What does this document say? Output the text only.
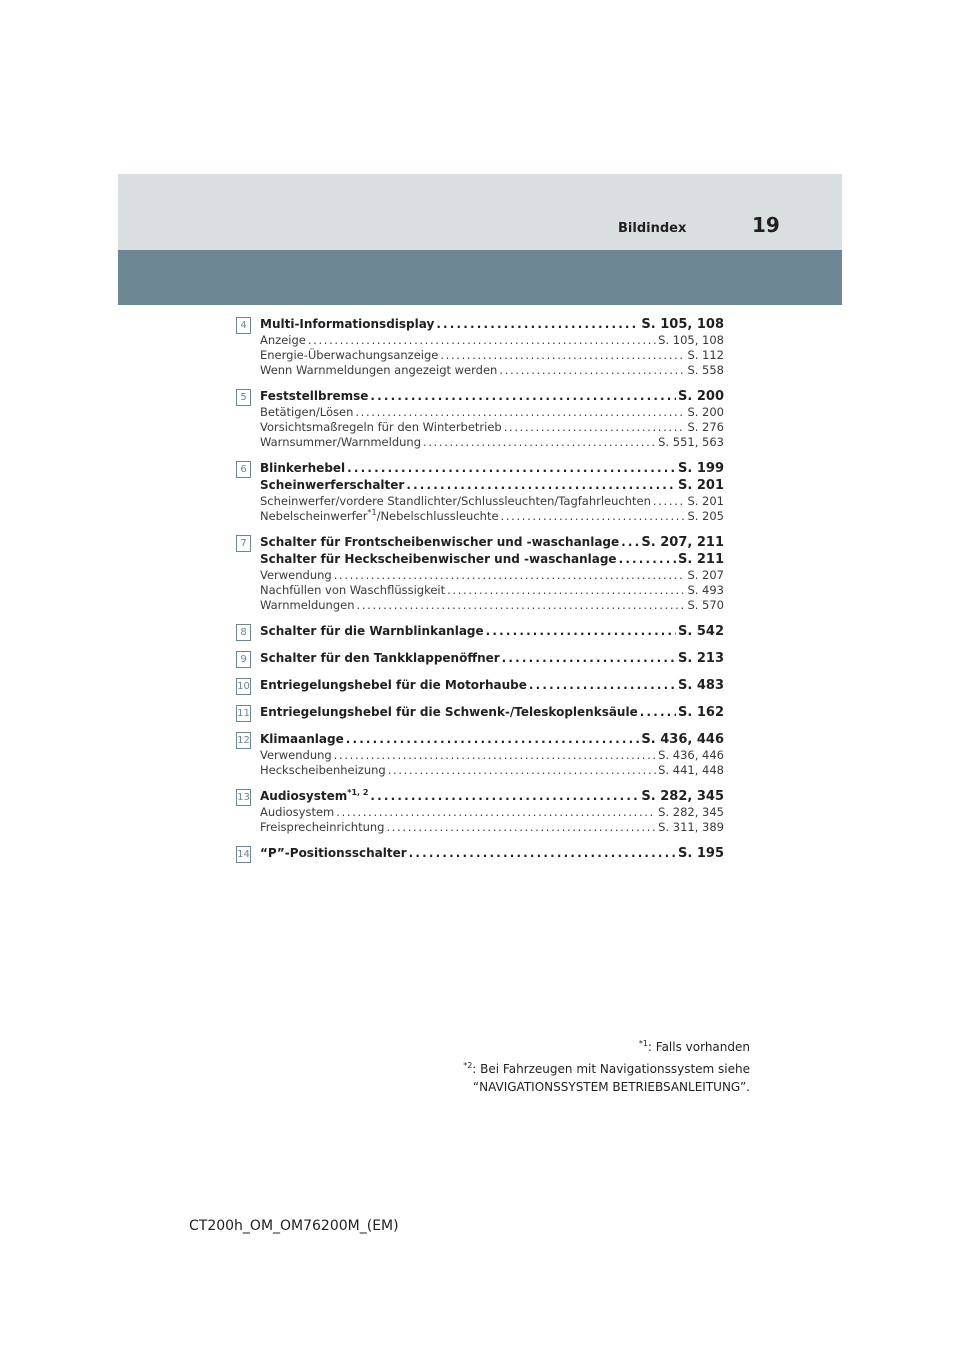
Bildindex	19
4	Multi-Informationsdisplay . . .	S. 105, 108
Anzeige . . .	S. 105, 108
Energie-Überwachungsanzeige . . .	S. 112
Wenn Warnmeldungen angezeigt werden . . .	S. 558
5	Feststellbremse . . .	S. 200
Betätigen/Lösen . . .	S. 200
Vorsichtsmaßregeln für den Winterbetrieb . . .	S. 276
Warnsummer/Warnmeldung . . .	S. 551, 563
6	Blinkerhebel . . .	S. 199
Scheinwerferschalter . . .	S. 201
Scheinwerfer/vordere Standlichter/Schlussleuchten/Tagfahrleuchten . . .	S. 201
Nebelscheinwerfer$^{*1}$/Nebelschlussleuchte . . .	S. 205
7	Schalter für Frontscheibenwischer und -waschanlage . . . S. 207, 211
Schalter für Heckscheibenwischer und -waschanlage . . .	S. 211
Verwendung . . .	S. 207
Nachfüllen von Waschflüssigkeit . . .	S. 493
Warnmeldungen . . .	S. 570
8	Schalter für die Warnblinkanlage . . .	S. 542
9	Schalter für den Tankklappenöffner . . .	S. 213
10 Entriegelungshebel für die Motorhaube . . .	S. 483
11 Entriegelungshebel für die Schwenk-/Teleskoplenksäule . . .	S. 162
12 Klimaanlage . . .	S. 436, 446
Verwendung . . .	S. 436, 446
Heckscheibenheizung . . .	S. 441, 448
13 Audiosystem$^{*1, 2}$ . . .	S. 282, 345
Audiosystem . . .	S. 282, 345
Freisprecheinrichtung . . .	S. 311, 389
14 “P”-Positionsschalter . . .	S. 195
$^{*1}$: Falls vorhanden
$^{*2}$: Bei Fahrzeugen mit Navigationssystem siehe
“NAVIGATIONSSYSTEM BETRIEBSANLEITUNG”.
CT200h_OM_OM76200M_(EM)
